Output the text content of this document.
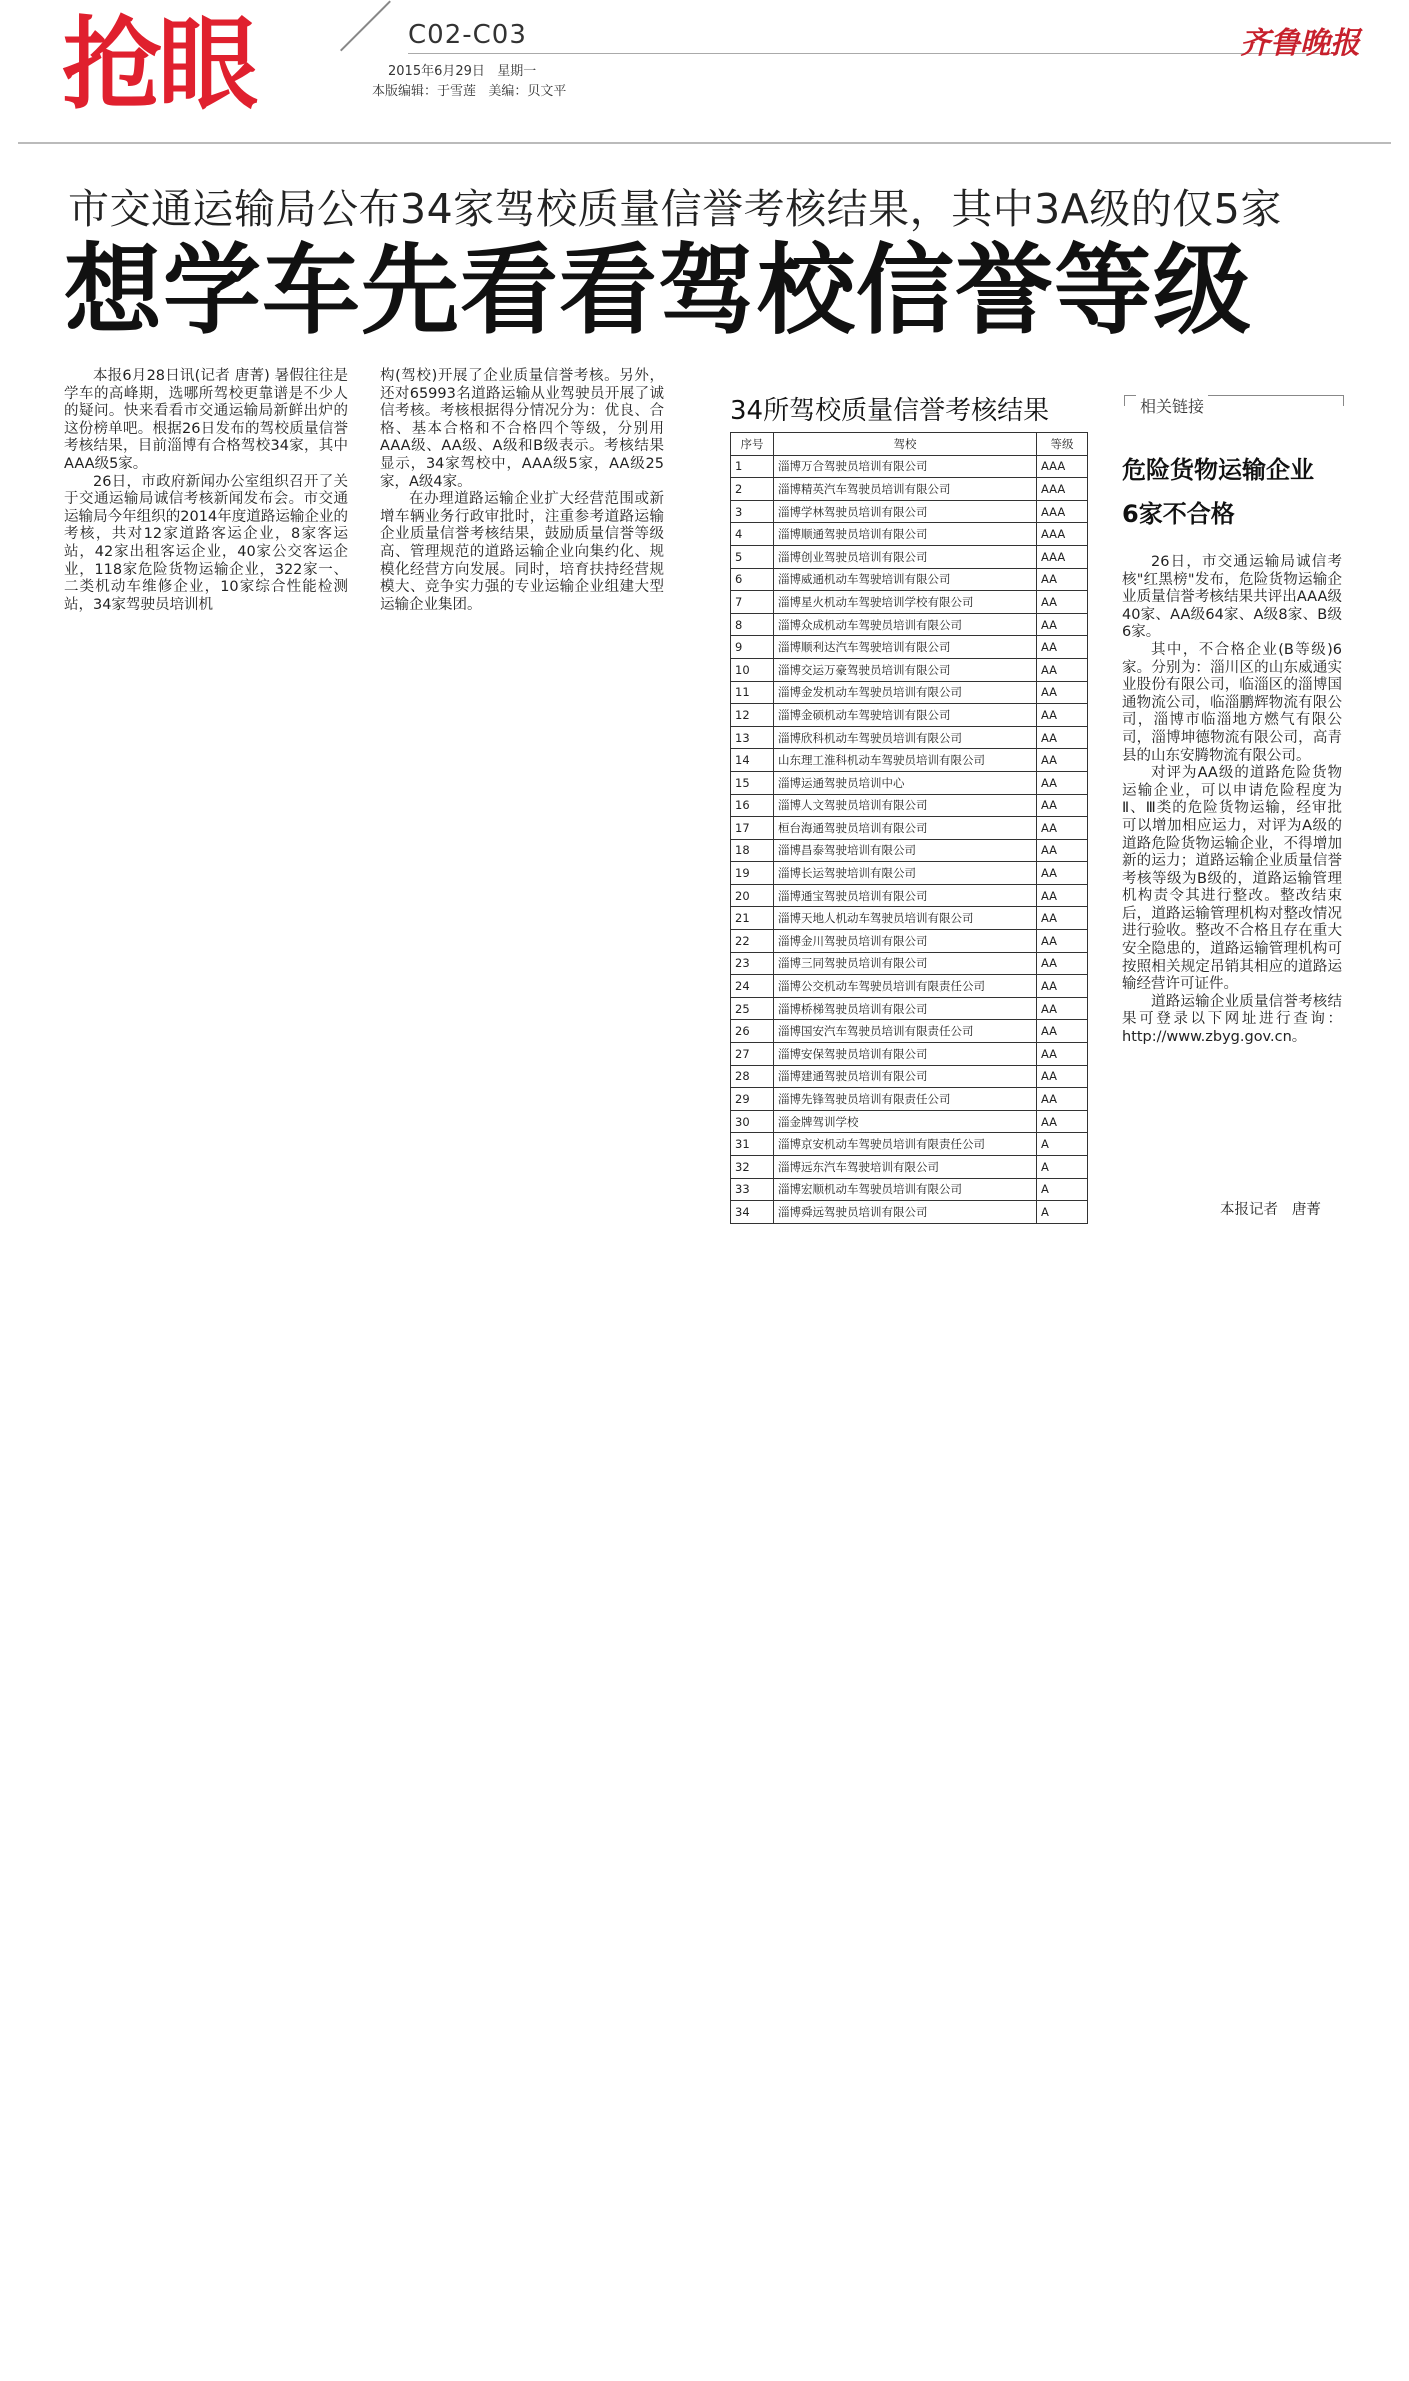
抢眼	C02-C03
2015年6月29日   星期一
本版编辑：于雪莲   美编：贝文平
齐鲁晚报
市交通运输局公布34家驾校质量信誉考核结果，其中3A级的仅5家
想学车先看看驾校信誉等级

本报6月28日讯(记者 唐菁) 暑假往往是学车的高峰期，选哪所驾校更靠谱是不少人的疑问。快来看看市交通运输局新鲜出炉的这份榜单吧。根据26日发布的驾校质量信誉考核结果，目前淄博有合格驾校34家，其中AAA级5家。

26日，市政府新闻办公室组织召开了关于交通运输局诚信考核新闻发布会。市交通运输局今年组织的2014年度道路运输企业的考核，共对12家道路客运企业，8家客运站，42家出租客运企业，40家公交客运企业，118家危险货物运输企业，322家一、二类机动车维修企业，10家综合性能检测站，34家驾驶员培训机

构(驾校)开展了企业质量信誉考核。另外，还对65993名道路运输从业驾驶员开展了诚信考核。考核根据得分情况分为：优良、合格、基本合格和不合格四个等级，分别用AAA级、AA级、A级和B级表示。考核结果显示，34家驾校中，AAA级5家，AA级25家，A级4家。

在办理道路运输企业扩大经营范围或新增车辆业务行政审批时，注重参考道路运输企业质量信誉考核结果，鼓励质量信誉等级高、管理规范的道路运输企业向集约化、规模化经营方向发展。同时，培育扶持经营规模大、竞争实力强的专业运输企业组建大型运输企业集团。

34所驾校质量信誉考核结果
序号	驾校	等级
1	淄博万合驾驶员培训有限公司	AAA
2	淄博精英汽车驾驶员培训有限公司	AAA
3	淄博学林驾驶员培训有限公司	AAA
4	淄博顺通驾驶员培训有限公司	AAA
5	淄博创业驾驶员培训有限公司	AAA
6	淄博威通机动车驾驶培训有限公司	AA
7	淄博星火机动车驾驶培训学校有限公司	AA
8	淄博众成机动车驾驶员培训有限公司	AA
9	淄博顺利达汽车驾驶培训有限公司	AA
10	淄博交运万豪驾驶员培训有限公司	AA
11	淄博金发机动车驾驶员培训有限公司	AA
12	淄博金硕机动车驾驶培训有限公司	AA
13	淄博欣科机动车驾驶员培训有限公司	AA
14	山东理工淮科机动车驾驶员培训有限公司	AA
15	淄博运通驾驶员培训中心	AA
16	淄博人文驾驶员培训有限公司	AA
17	桓台海通驾驶员培训有限公司	AA
18	淄博昌泰驾驶培训有限公司	AA
19	淄博长运驾驶培训有限公司	AA
20	淄博通宝驾驶员培训有限公司	AA
21	淄博天地人机动车驾驶员培训有限公司	AA
22	淄博金川驾驶员培训有限公司	AA
23	淄博三同驾驶员培训有限公司	AA
24	淄博公交机动车驾驶员培训有限责任公司	AA
25	淄博桥梯驾驶员培训有限公司	AA
26	淄博国安汽车驾驶员培训有限责任公司	AA
27	淄博安保驾驶员培训有限公司	AA
28	淄博建通驾驶员培训有限公司	AA
29	淄博先锋驾驶员培训有限责任公司	AA
30	淄金牌驾训学校	AA
31	淄博京安机动车驾驶员培训有限责任公司	A
32	淄博远东汽车驾驶培训有限公司	A
33	淄博宏顺机动车驾驶员培训有限公司	A
34	淄博舜远驾驶员培训有限公司	A
相关链接
危险货物运输企业
6家不合格

26日，市交通运输局诚信考核"红黑榜"发布，危险货物运输企业质量信誉考核结果共评出AAA级40家、AA级64家、A级8家、B级6家。

其中，不合格企业(B等级)6家。分别为：淄川区的山东威通实业股份有限公司，临淄区的淄博国通物流公司，临淄鹏辉物流有限公司，淄博市临淄地方燃气有限公司，淄博坤德物流有限公司，高青县的山东安腾物流有限公司。

对评为AA级的道路危险货物运输企业，可以申请危险程度为Ⅱ、Ⅲ类的危险货物运输，经审批可以增加相应运力，对评为A级的道路危险货物运输企业，不得增加新的运力；道路运输企业质量信誉考核等级为B级的，道路运输管理机构责令其进行整改。整改结束后，道路运输管理机构对整改情况进行验收。整改不合格且存在重大安全隐患的，道路运输管理机构可按照相关规定吊销其相应的道路运输经营许可证件。

道路运输企业质量信誉考核结果可登录以下网址进行查询：http://www.zbyg.gov.cn。

本报记者   唐菁
